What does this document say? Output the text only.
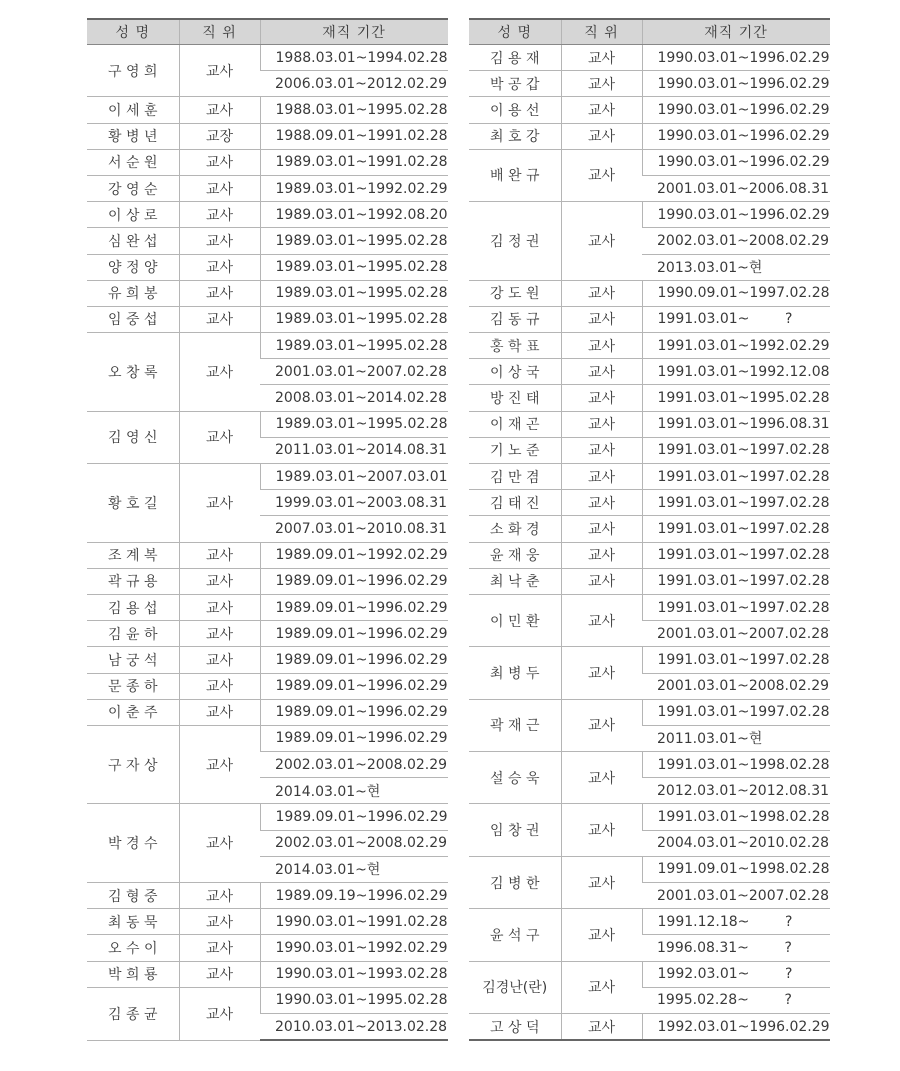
성 명	직 위	재직 기간
구 영 희	교사	1988.03.01~1994.02.28
		2006.03.01~2012.02.29
이 세 훈	교사	1988.03.01~1995.02.28
황 병 년	교장	1988.09.01~1991.02.28
서 순 원	교사	1989.03.01~1991.02.28
강 영 순	교사	1989.03.01~1992.02.29
이 상 로	교사	1989.03.01~1992.08.20
심 완 섭	교사	1989.03.01~1995.02.28
양 정 양	교사	1989.03.01~1995.02.28
유 희 봉	교사	1989.03.01~1995.02.28
임 중 섭	교사	1989.03.01~1995.02.28
오 창 록	교사	1989.03.01~1995.02.28
		2001.03.01~2007.02.28
		2008.03.01~2014.02.28
김 영 신	교사	1989.03.01~1995.02.28
		2011.03.01~2014.08.31
황 호 길	교사	1989.03.01~2007.03.01
		1999.03.01~2003.08.31
		2007.03.01~2010.08.31
조 계 복	교사	1989.09.01~1992.02.29
곽 규 용	교사	1989.09.01~1996.02.29
김 용 섭	교사	1989.09.01~1996.02.29
김 윤 하	교사	1989.09.01~1996.02.29
남 궁 석	교사	1989.09.01~1996.02.29
문 종 하	교사	1989.09.01~1996.02.29
이 춘 주	교사	1989.09.01~1996.02.29
구 자 상	교사	1989.09.01~1996.02.29
		2002.03.01~2008.02.29
		2014.03.01~현
박 경 수	교사	1989.09.01~1996.02.29
		2002.03.01~2008.02.29
		2014.03.01~현
김 형 중	교사	1989.09.19~1996.02.29
최 동 묵	교사	1990.03.01~1991.02.28
오 수 이	교사	1990.03.01~1992.02.29
박 희 룡	교사	1990.03.01~1993.02.28
김 종 균	교사	1990.03.01~1995.02.28
		2010.03.01~2013.02.28
성 명	직 위	재직 기간
김 용 재	교사	1990.03.01~1996.02.29
박 공 갑	교사	1990.03.01~1996.02.29
이 용 선	교사	1990.03.01~1996.02.29
최 호 강	교사	1990.03.01~1996.02.29
배 완 규	교사	1990.03.01~1996.02.29
		2001.03.01~2006.08.31
김 정 권	교사	1990.03.01~1996.02.29
		2002.03.01~2008.02.29
		2013.03.01~현
강 도 원	교사	1990.09.01~1997.02.28
김 동 규	교사	1991.03.01~        ?
홍 학 표	교사	1991.03.01~1992.02.29
이 상 국	교사	1991.03.01~1992.12.08
방 진 태	교사	1991.03.01~1995.02.28
이 재 곤	교사	1991.03.01~1996.08.31
기 노 준	교사	1991.03.01~1997.02.28
김 만 겸	교사	1991.03.01~1997.02.28
김 태 진	교사	1991.03.01~1997.02.28
소 화 경	교사	1991.03.01~1997.02.28
윤 재 웅	교사	1991.03.01~1997.02.28
최 낙 춘	교사	1991.03.01~1997.02.28
이 민 환	교사	1991.03.01~1997.02.28
		2001.03.01~2007.02.28
최 병 두	교사	1991.03.01~1997.02.28
		2001.03.01~2008.02.29
곽 재 근	교사	1991.03.01~1997.02.28
		2011.03.01~현
설 승 욱	교사	1991.03.01~1998.02.28
		2012.03.01~2012.08.31
임 창 권	교사	1991.03.01~1998.02.28
		2004.03.01~2010.02.28
김 병 한	교사	1991.09.01~1998.02.28
		2001.03.01~2007.02.28
윤 석 구	교사	1991.12.18~        ?
		1996.08.31~        ?
김경난(란)	교사	1992.03.01~        ?
		1995.02.28~        ?
고 상 덕	교사	1992.03.01~1996.02.29
